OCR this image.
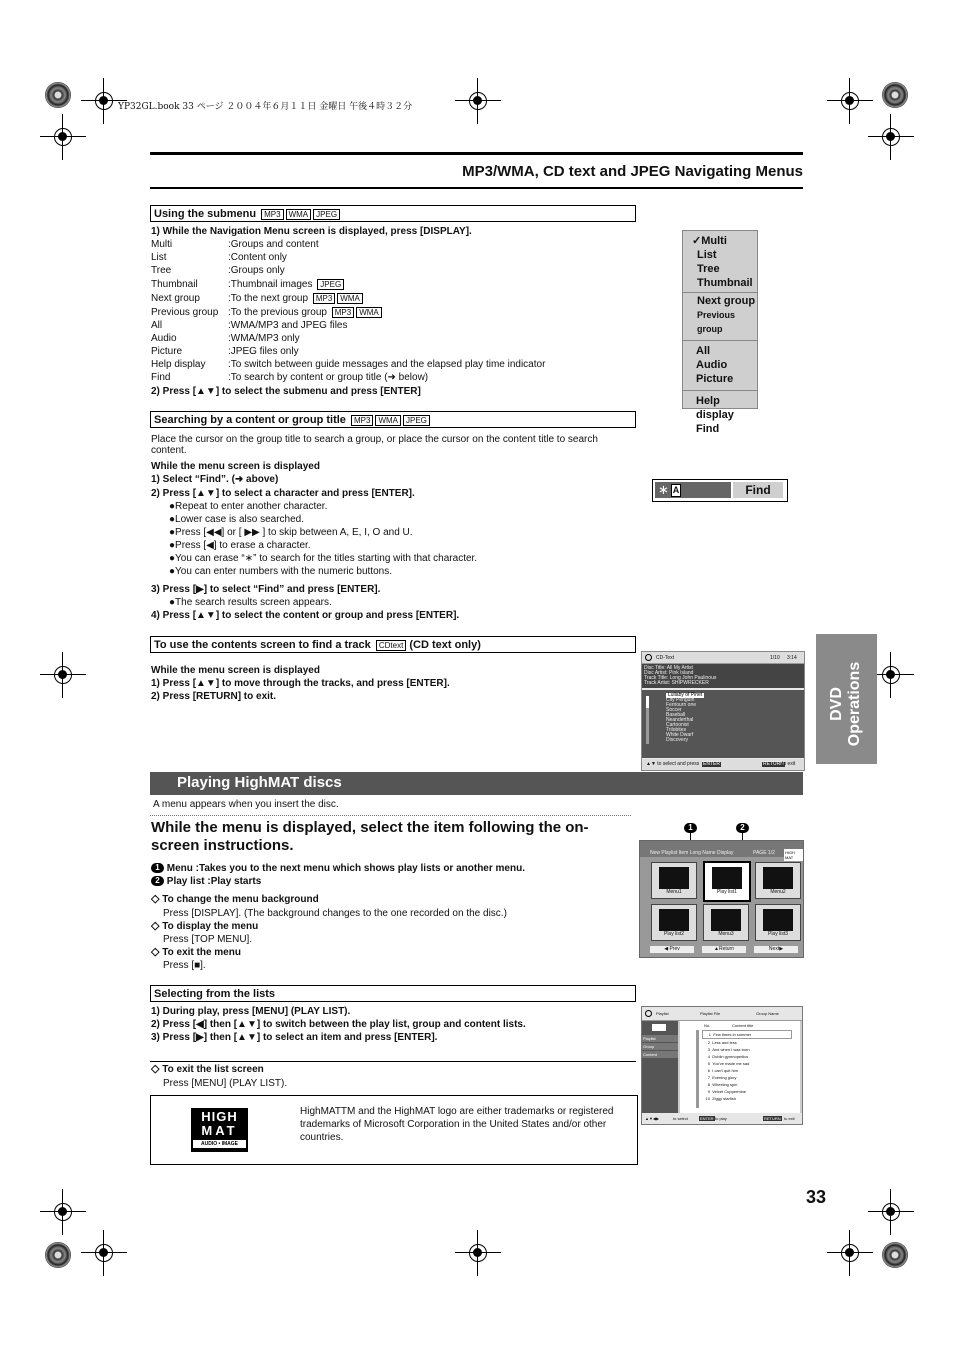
YP32GL.book 33 ページ ２００４年６月１１日 金曜日 午後４時３２分
MP3/WMA, CD text and JPEG Navigating Menus
DVD Operations
Using the submenu MP3 WMA JPEG
1) While the Navigation Menu screen is displayed, press [DISPLAY].
Multi	:Groups and content
List	:Content only
Tree	:Groups only
Thumbnail	:Thumbnail images JPEG
Next group	:To the next group MP3 WMA
Previous group :To the previous group MP3 WMA
All	:WMA/MP3 and JPEG files
Audio	:WMA/MP3 only
Picture	:JPEG files only
Help display :To switch between guide messages and the elapsed play time indicator
Find	:To search by content or group title (➜ below)
2) Press [▲▼] to select the submenu and press [ENTER]
✓Multi
List
Tree
Thumbnail
Next group
Previous group
All
Audio
Picture
Help display
Find
Searching by a content or group title MP3 WMA JPEG
Place the cursor on the group title to search a group, or place the cursor on the content title to search content.
While the menu screen is displayed
1) Select “Find”. (➜ above)
2) Press [▲▼] to select a character and press [ENTER].
●Repeat to enter another character.
●Lower case is also searched.
●Press [◀◀] or [ ▶▶ ] to skip between A, E, I, O and U.
●Press [◀] to erase a character.
●You can erase “∗” to search for the titles starting with that character.
●You can enter numbers with the numeric buttons.
3) Press [▶] to select “Find” and press [ENTER].
●The search results screen appears.
4) Press [▲▼] to select the content or group and press [ENTER].
∗ A	Find
To use the contents screen to find a track CDtext (CD text only)
While the menu screen is displayed
1) Press [▲▼] to move through the tracks, and press [ENTER].
2) Press [RETURN] to exit.
CD-Text	1/10 3:14
Disc Title: All My Artist
Disc Artist: Pink Island
Track Title: Long John Paulinous
Track Artist: SHIPWRECKER
Lullaby of Pinet
City Penguin
Ferriourn one
Soccer
Baseball
Neanderthal
Cartoonist
Trilobites
White Dwarf
Discovery
▲▼ to select and press ENTER	RETURN
to exit
Playing HighMAT discs
A menu appears when you insert the disc.
While the menu is displayed, select the item following the on-screen instructions.
1 Menu :Takes you to the next menu which shows play lists or another menu.
2 Play list :Play starts
◇ To change the menu background
Press [DISPLAY]. (The background changes to the one recorded on the disc.)
◇ To display the menu
Press [TOP MENU].
◇ To exit the menu
Press [■].
1	2
New Playlist Item Long Name Display	PAGE 1/2	HIGH MAT
Menu1	Play list1	Menu2
Play list2	Menu3	Play list3
◀ Prev	▲Return	Next▶
Selecting from the lists
1) During play, press [MENU] (PLAY LIST).
2) Press [◀] then [▲▼] to switch between the play list, group and content lists.
3) Press [▶] then [▲▼] to select an item and press [ENTER].
◇ To exit the list screen
Press [MENU] (PLAY LIST).
HIGH
MAT
AUDIO • IMAGE
HighMATTM and the HighMAT logo are either trademarks or registered trademarks of Microsoft Corporation in the United States and/or other countries.
Playlist	Playlist File	Group Name
Playlist
Group
Content
No.	Content title
1 Few times in summer
2 Less and less
3 And when I was born
4 Dublin gymnopedics
5 You've made me sad
6 I can't quit him
7 Evening glory
8 Wheeling spin
9 Velvet Cuppermine
10 Ziggy starfish
▲▼◀▶	to select	ENTER to play	RETURN to exit
33
